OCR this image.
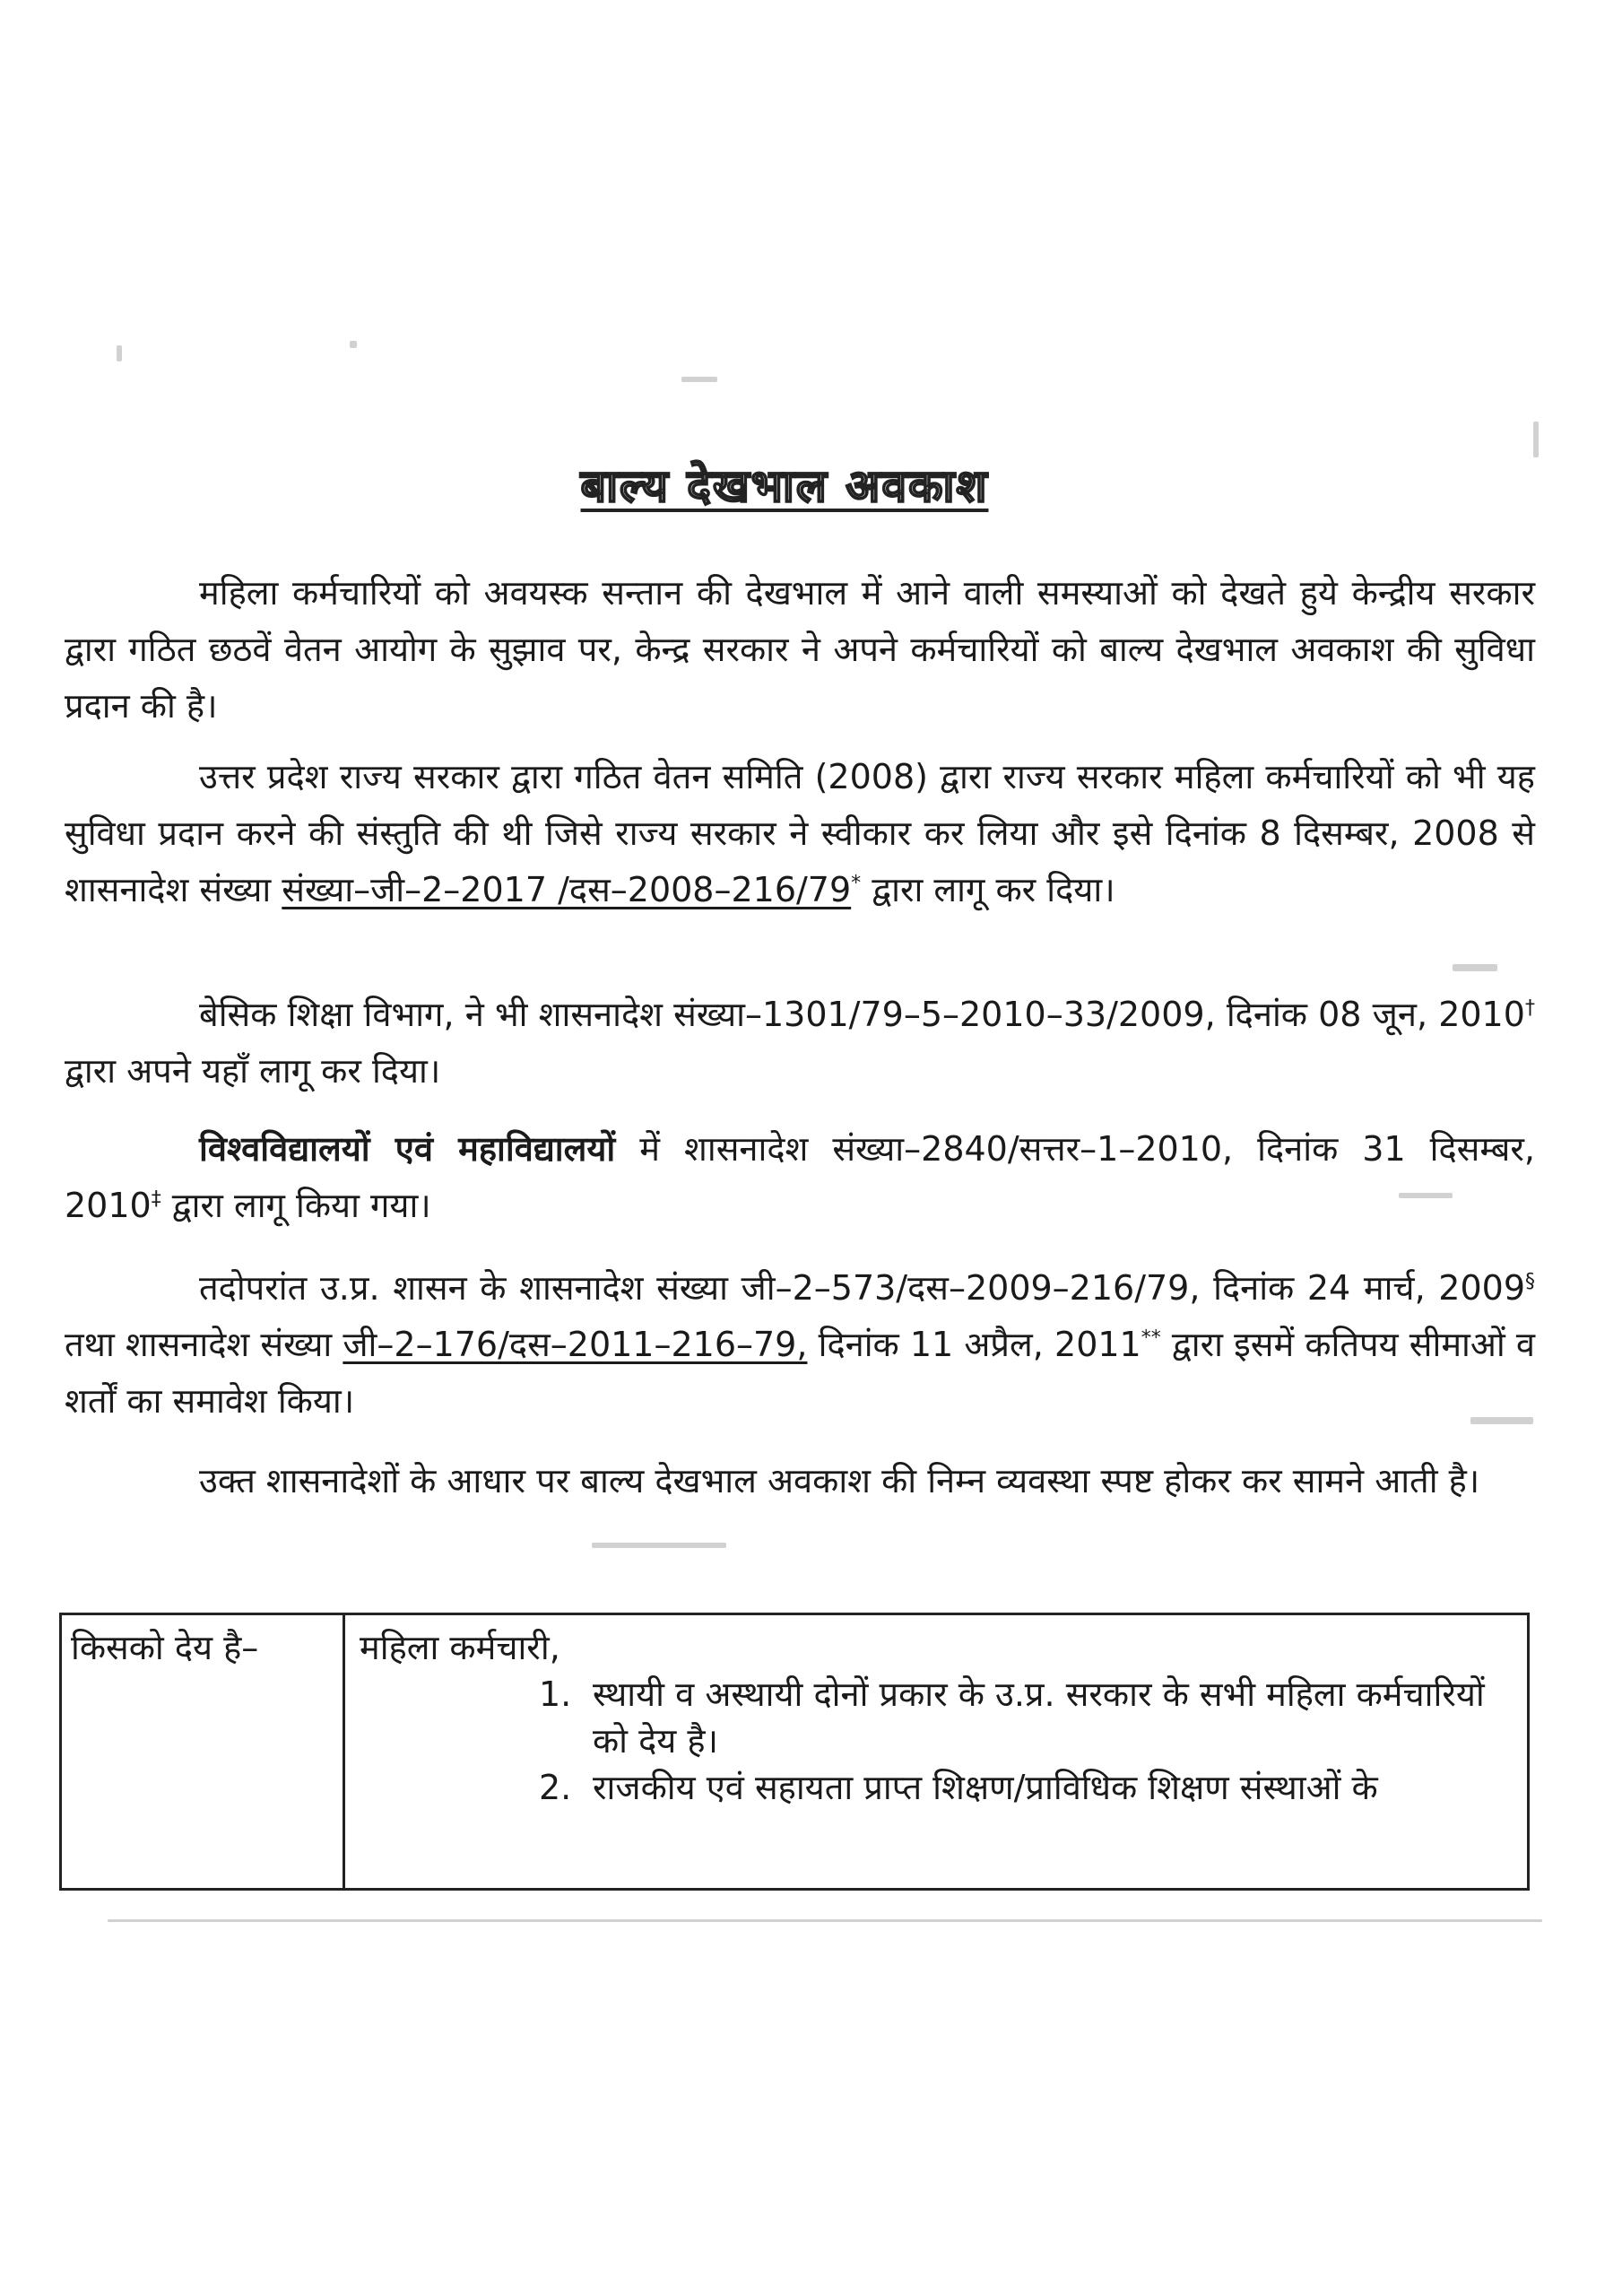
बाल्य देखभाल अवकाश

महिला कर्मचारियों को अवयस्क सन्तान की देखभाल में आने वाली समस्याओं को देखते हुये केन्द्रीय सरकार द्वारा गठित छठवें वेतन आयोग के सुझाव पर, केन्द्र सरकार ने अपने कर्मचारियों को बाल्य देखभाल अवकाश की सुविधा प्रदान की है।

उत्तर प्रदेश राज्य सरकार द्वारा गठित वेतन समिति (2008) द्वारा राज्य सरकार महिला कर्मचारियों को भी यह सुविधा प्रदान करने की संस्तुति की थी जिसे राज्य सरकार ने स्वीकार कर लिया और इसे दिनांक 8 दिसम्बर, 2008 से शासनादेश संख्या संख्या–जी–2–2017 /दस–2008–216/79* द्वारा लागू कर दिया।

बेसिक शिक्षा विभाग, ने भी शासनादेश संख्या–1301/79–5–2010–33/2009, दिनांक 08 जून, 2010† द्वारा अपने यहाँ लागू कर दिया।

विश्वविद्यालयों एवं महाविद्यालयों में शासनादेश संख्या–2840/सत्तर–1–2010, दिनांक 31 दिसम्बर, 2010‡ द्वारा लागू किया गया।

तदोपरांत उ.प्र. शासन के शासनादेश संख्या जी–2–573/दस–2009–216/79, दिनांक 24 मार्च, 2009§ तथा शासनादेश संख्या जी–2–176/दस–2011–216–79, दिनांक 11 अप्रैल, 2011** द्वारा इसमें कतिपय सीमाओं व शर्तों का समावेश किया।

उक्त शासनादेशों के आधार पर बाल्य देखभाल अवकाश की निम्न व्यवस्था स्पष्ट होकर कर सामने आती है।

किसको देय है–	महिला कर्मचारी,
1. स्थायी व अस्थायी दोनों प्रकार के उ.प्र. सरकार के सभी महिला कर्मचारियों को देय है।
2. राजकीय एवं सहायता प्राप्त शिक्षण/प्राविधिक शिक्षण संस्थाओं के
